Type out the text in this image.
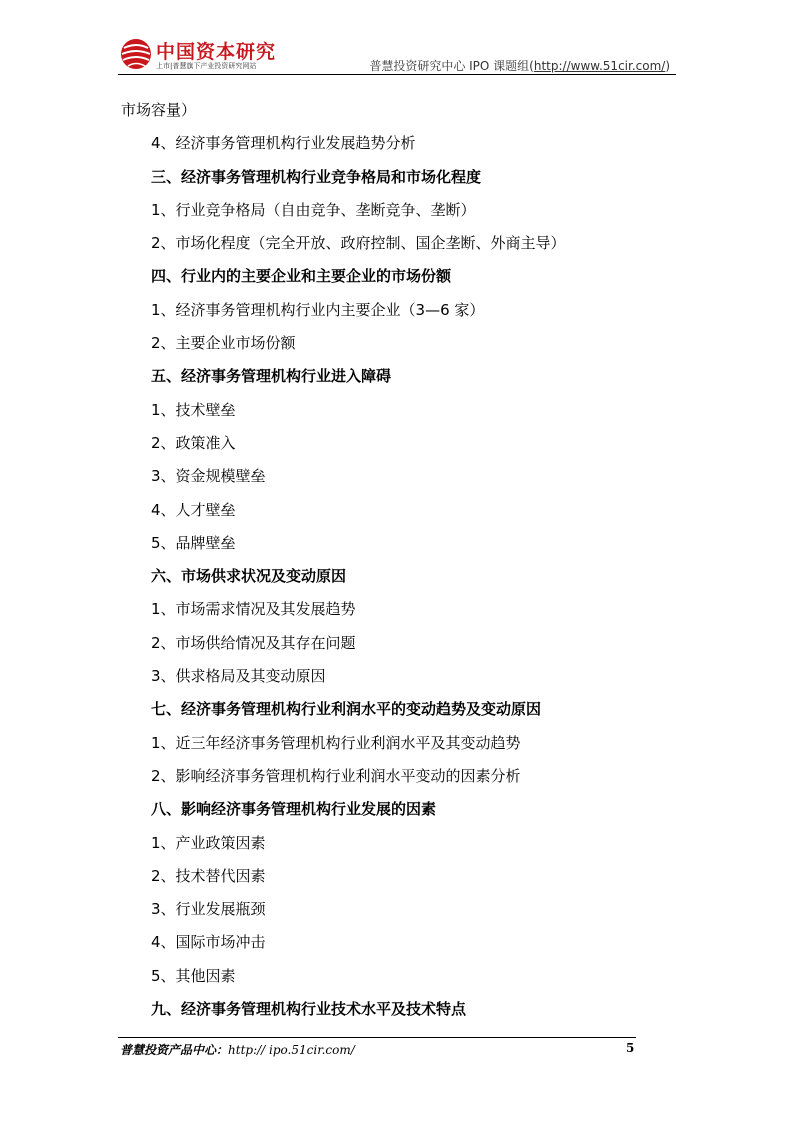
中国资本研究
上市|普慧旗下产业投资研究网站	普慧投资研究中心 IPO 课题组(http://www.51cir.com/)
市场容量）
4、经济事务管理机构行业发展趋势分析
三、经济事务管理机构行业竞争格局和市场化程度
1、行业竞争格局（自由竞争、垄断竞争、垄断）
2、市场化程度（完全开放、政府控制、国企垄断、外商主导）
四、行业内的主要企业和主要企业的市场份额
1、经济事务管理机构行业内主要企业（3—6 家）
2、主要企业市场份额
五、经济事务管理机构行业进入障碍
1、技术壁垒
2、政策准入
3、资金规模壁垒
4、人才壁垒
5、品牌壁垒
六、市场供求状况及变动原因
1、市场需求情况及其发展趋势
2、市场供给情况及其存在问题
3、供求格局及其变动原因
七、经济事务管理机构行业利润水平的变动趋势及变动原因
1、近三年经济事务管理机构行业利润水平及其变动趋势
2、影响经济事务管理机构行业利润水平变动的因素分析
八、影响经济事务管理机构行业发展的因素
1、产业政策因素
2、技术替代因素
3、行业发展瓶颈
4、国际市场冲击
5、其他因素
九、经济事务管理机构行业技术水平及技术特点
普慧投资产品中心：http:// ipo.51cir.com/	5
